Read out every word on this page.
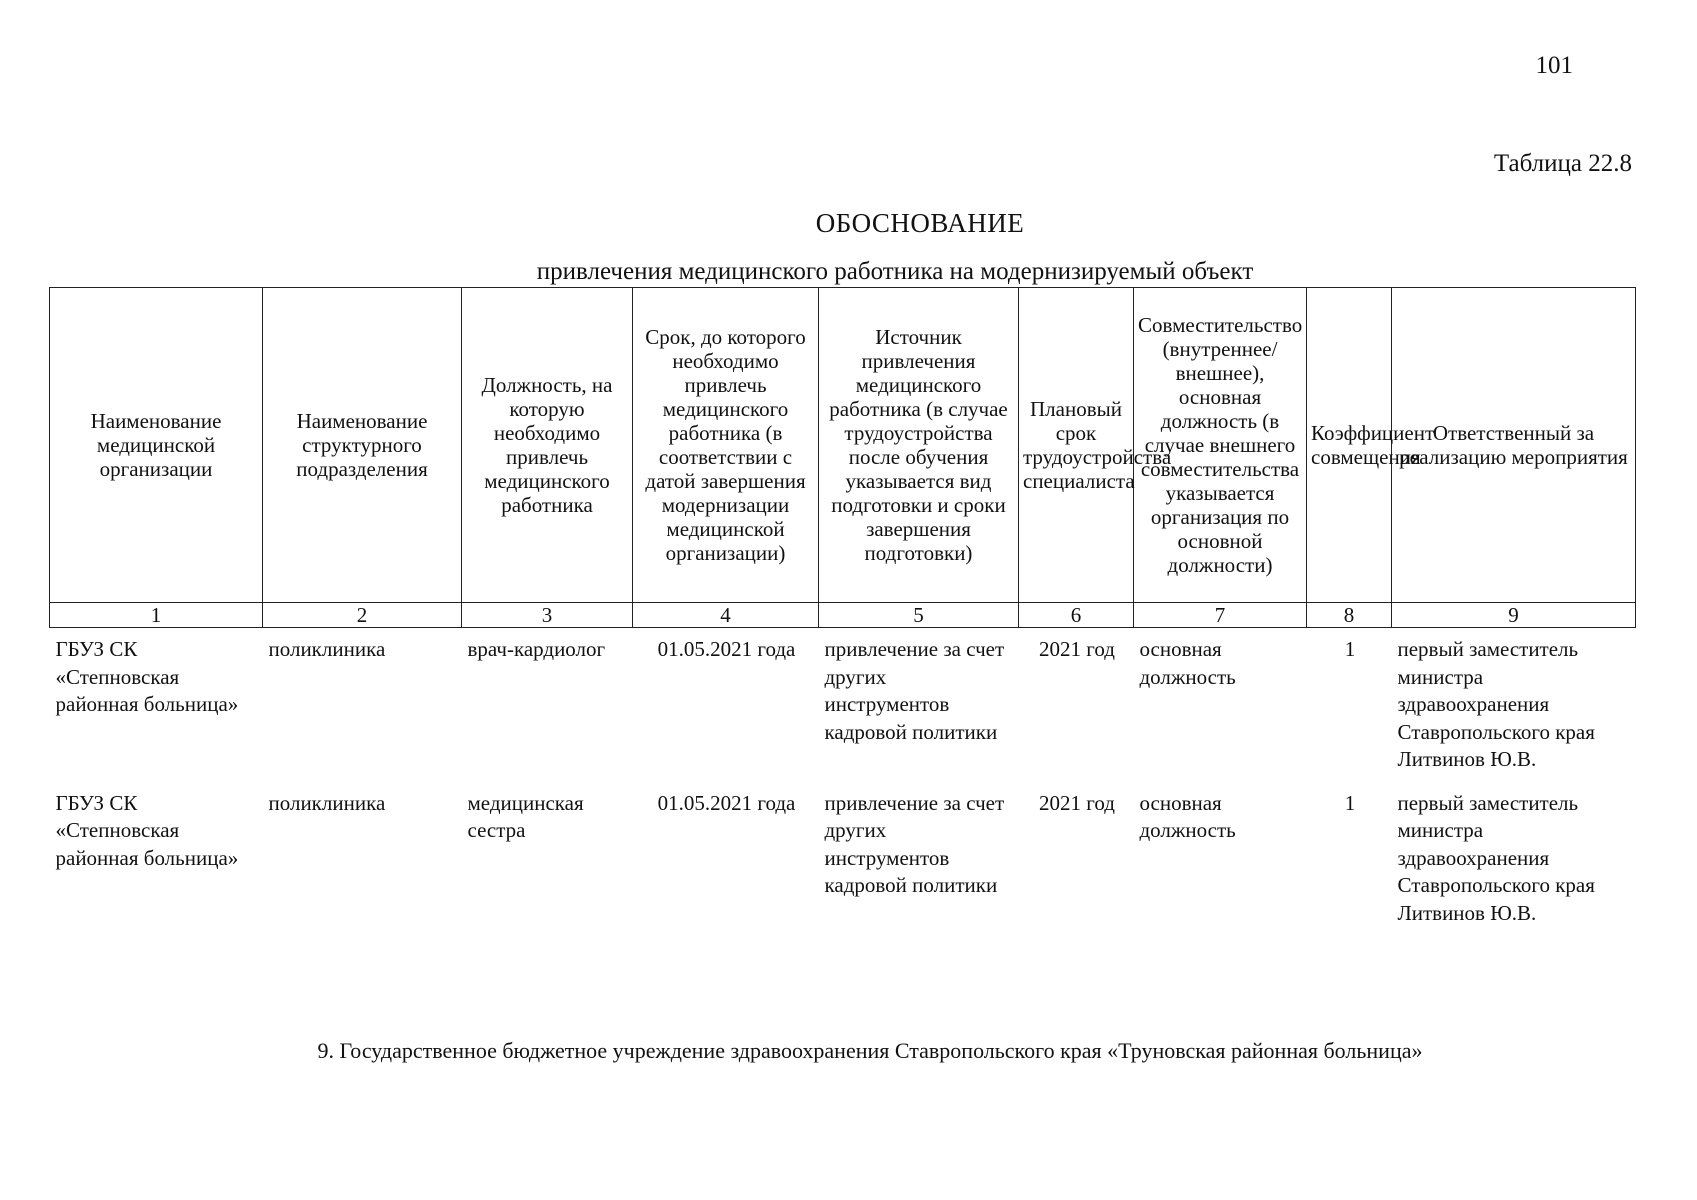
101
Таблица 22.8
ОБОСНОВАНИЕ
привлечения медицинского работника на модернизируемый объект
Наименование медицинской организации	Наименование структурного подразделения	Должность, на которую необходимо привлечь медицинского работника	Срок, до которого необходимо привлечь медицинского работника (в соответствии с датой завершения модернизации медицинской организации)	Источник привлечения медицинского работника (в случае трудоустройства после обучения указывается вид подготовки и сроки завершения подготовки)	Плановый срок трудоустройства специалиста	Совместительство (внутреннее/внешнее), основная должность (в случае внешнего совместительства указывается организация по основной должности)	Коэффициент совмещения	Ответственный за реализацию мероприятия
1	2	3	4	5	6	7	8	9
ГБУЗ СК «Степновская районная больница»	поликлиника	врач-кардиолог	01.05.2021 года	привлечение за счет других инструментов кадровой политики	2021 год	основная должность	1	первый заместитель министра здравоохранения Ставропольского края Литвинов Ю.В.
ГБУЗ СК «Степновская районная больница»	поликлиника	медицинская сестра	01.05.2021 года	привлечение за счет других инструментов кадровой политики	2021 год	основная должность	1	первый заместитель министра здравоохранения Ставропольского края Литвинов Ю.В.
9. Государственное бюджетное учреждение здравоохранения Ставропольского края «Труновская районная больница»
